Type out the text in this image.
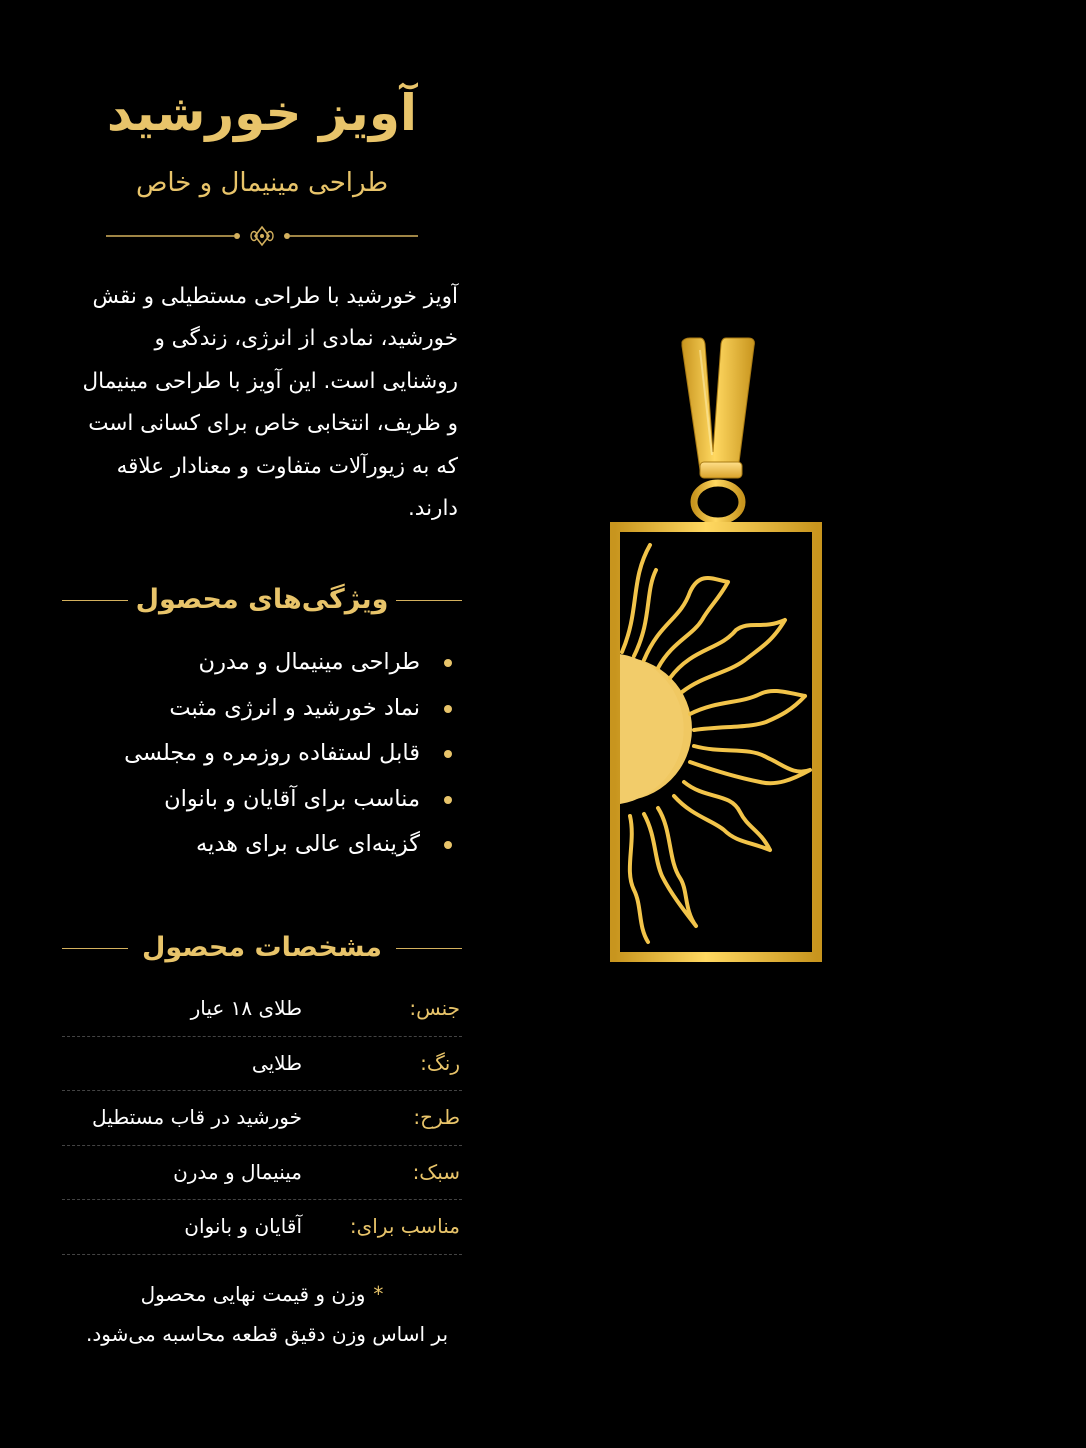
آویز خورشید
طراحی مینیمال و خاص
آویز خورشید با طراحی مستطیلی و نقش خورشید، نمادی از انرژی، زندگی و روشنایی است. این آویز با طراحی مینیمال و ظریف، انتخابی خاص برای کسانی است که به زیورآلات متفاوت و معنادار علاقه دارند.
ویژگی‌های محصول
طراحی مینیمال و مدرن
نماد خورشید و انرژی مثبت
قابل لستفاده روزمره و مجلسی
مناسب برای آقایان و بانوان
گزینه‌ای عالی برای هدیه
مشخصات محصول
جنس:
طلای ۱۸ عیار
رنگ:
طلایی
طرح:
خورشید در قاب مستطیل
سبک:
مینیمال و مدرن
مناسب برای:
آقایان و بانوان
*وزن و قیمت نهایی محصول
بر اساس وزن دقیق قطعه محاسبه می‌شود.
